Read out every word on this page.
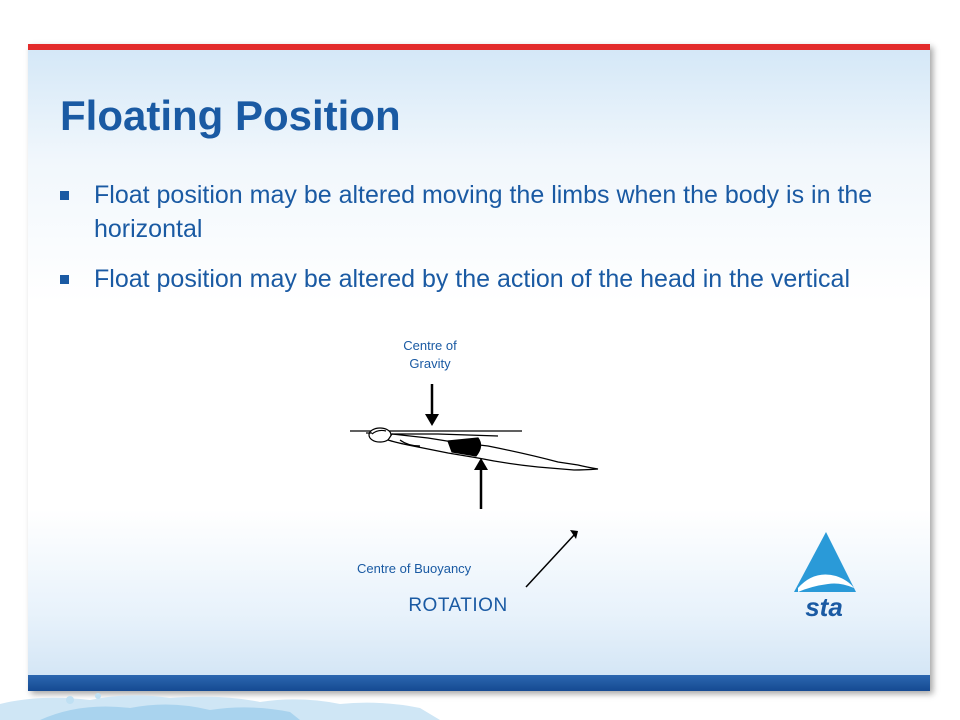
Floating Position
Float position may be altered moving the limbs when the body is in the horizontal
Float position may be altered by the action of the head in the vertical
Centre of
Gravity
Centre of Buoyancy
ROTATION	sta
